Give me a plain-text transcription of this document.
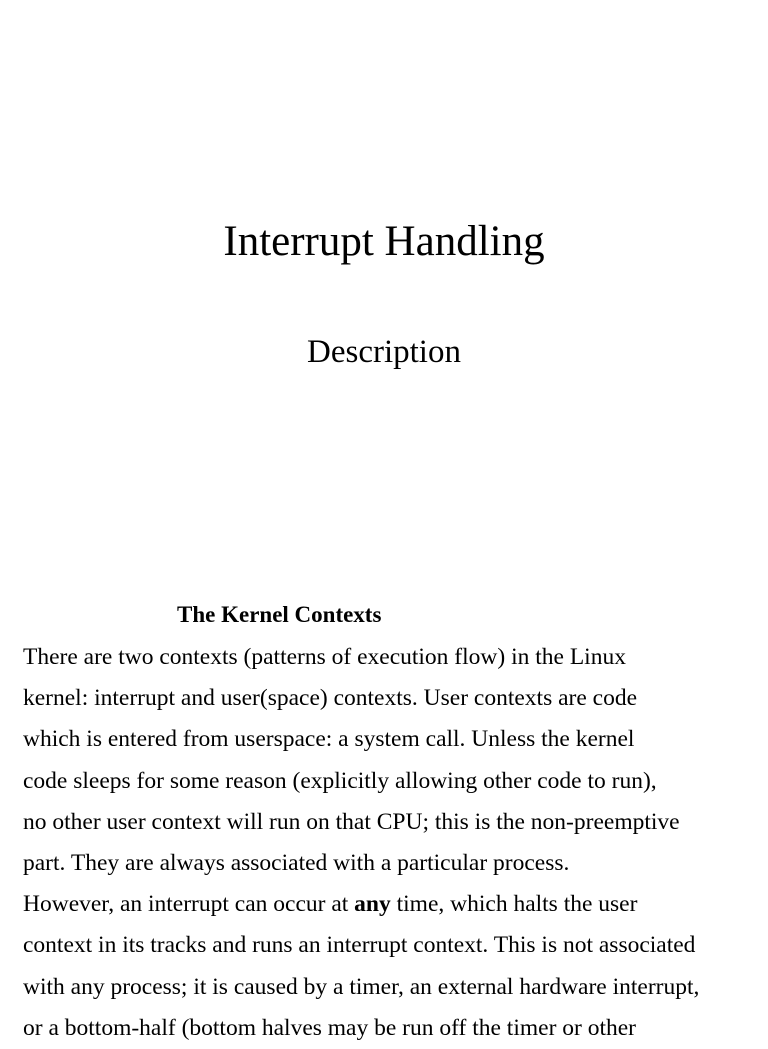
Interrupt Handling
Description
The Kernel Contexts
There are two contexts (patterns of execution flow) in the Linux
kernel: interrupt and user(space) contexts. User contexts are code
which is entered from userspace: a system call. Unless the kernel
code sleeps for some reason (explicitly allowing other code to run),
no other user context will run on that CPU; this is the non-preemptive
part. They are always associated with a particular process.
However, an interrupt can occur at any time, which halts the user
context in its tracks and runs an interrupt context. This is not associated
with any process; it is caused by a timer, an external hardware interrupt,
or a bottom-half (bottom halves may be run off the timer or other
